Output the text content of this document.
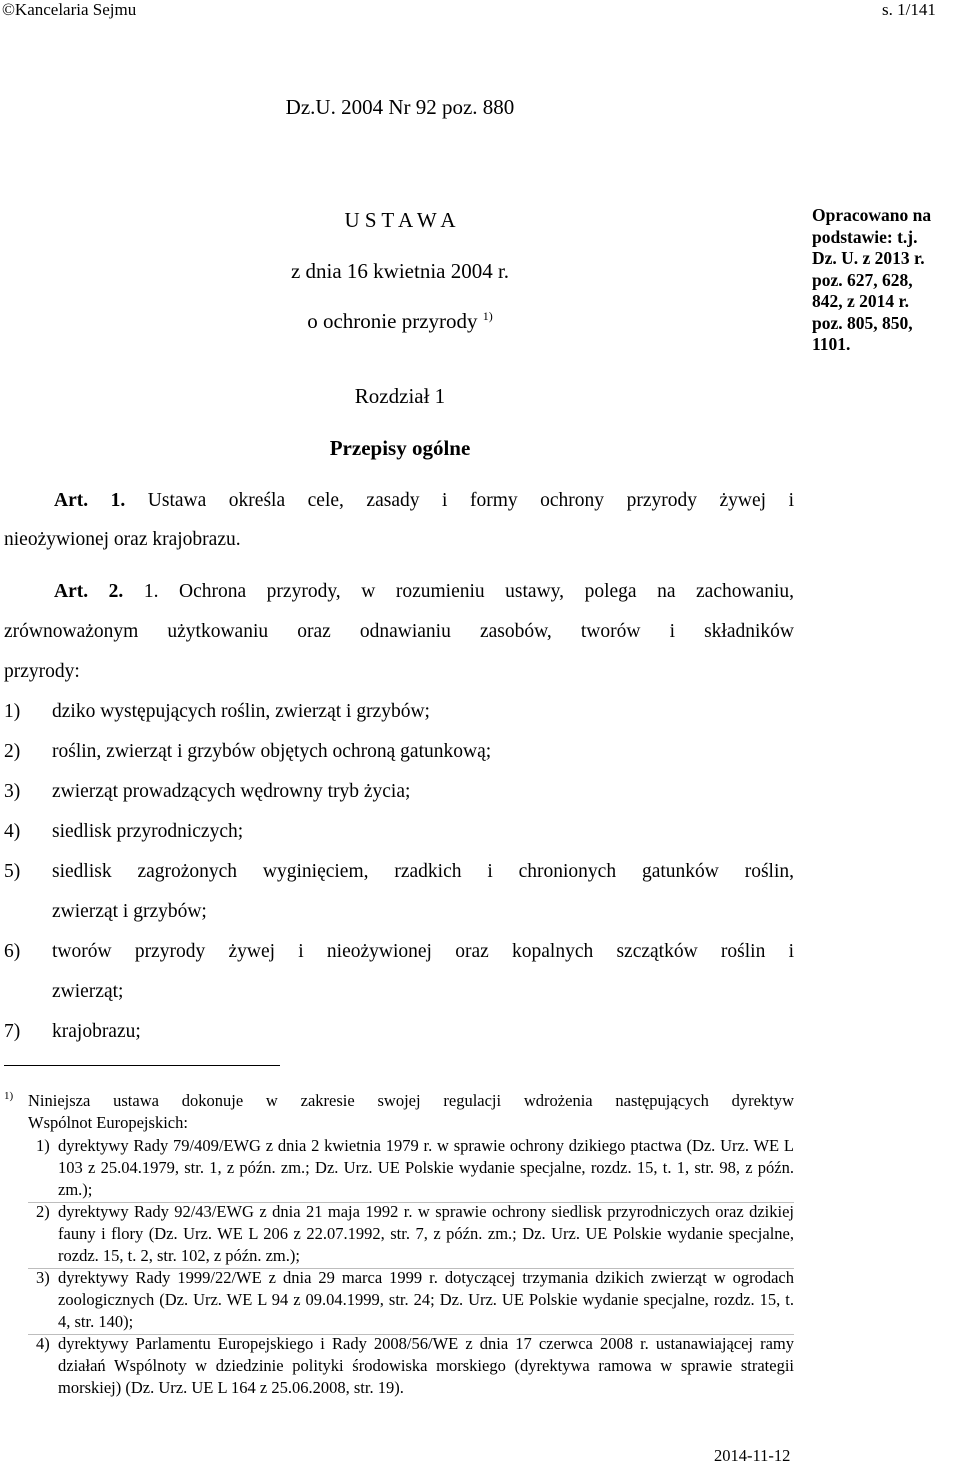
©Kancelaria Sejmu	s. 1/141
Dz.U. 2004 Nr 92 poz. 880
U S T A W A
z dnia 16 kwietnia 2004 r.
o ochronie przyrody $^{1)}$
Opracowano na
podstawie: t.j.
Dz. U. z 2013 r.
poz. 627, 628,
842, z 2014 r.
poz. 805, 850,
1101.
Rozdział 1
Przepisy ogólne
Art. 1. Ustawa określa cele, zasady i formy ochrony przyrody żywej i
nieożywionej oraz krajobrazu.
Art. 2. 1. Ochrona przyrody, w rozumieniu ustawy, polega na zachowaniu,
zrównoważonym użytkowaniu oraz odnawianiu zasobów, tworów i składników
przyrody:
1) dziko występujących roślin, zwierząt i grzybów;
2) roślin, zwierząt i grzybów objętych ochroną gatunkową;
3) zwierząt prowadzących wędrowny tryb życia;
4) siedlisk przyrodniczych;
5) siedlisk zagrożonych wyginięciem, rzadkich i chronionych gatunków roślin,
zwierząt i grzybów;
6) tworów przyrody żywej i nieożywionej oraz kopalnych szczątków roślin i
zwierząt;
7) krajobrazu;
1) Niniejsza ustawa dokonuje w zakresie swojej regulacji wdrożenia następujących dyrektyw
Wspólnot Europejskich:
1) dyrektywy Rady 79/409/EWG z dnia 2 kwietnia 1979 r. w sprawie ochrony dzikiego ptactwa (Dz. Urz. WE L 103 z 25.04.1979, str. 1, z późn. zm.; Dz. Urz. UE Polskie wydanie specjalne, rozdz. 15, t. 1, str. 98, z późn. zm.);
2) dyrektywy Rady 92/43/EWG z dnia 21 maja 1992 r. w sprawie ochrony siedlisk przyrodniczych oraz dzikiej fauny i flory (Dz. Urz. WE L 206 z 22.07.1992, str. 7, z późn. zm.; Dz. Urz. UE Polskie wydanie specjalne, rozdz. 15, t. 2, str. 102, z późn. zm.);
3) dyrektywy Rady 1999/22/WE z dnia 29 marca 1999 r. dotyczącej trzymania dzikich zwierząt w ogrodach zoologicznych (Dz. Urz. WE L 94 z 09.04.1999, str. 24; Dz. Urz. UE Polskie wydanie specjalne, rozdz. 15, t. 4, str. 140);
4) dyrektywy Parlamentu Europejskiego i Rady 2008/56/WE z dnia 17 czerwca 2008 r. ustanawiającej ramy działań Wspólnoty w dziedzinie polityki środowiska morskiego (dyrektywa ramowa w sprawie strategii morskiej) (Dz. Urz. UE L 164 z 25.06.2008, str. 19).
2014-11-12
